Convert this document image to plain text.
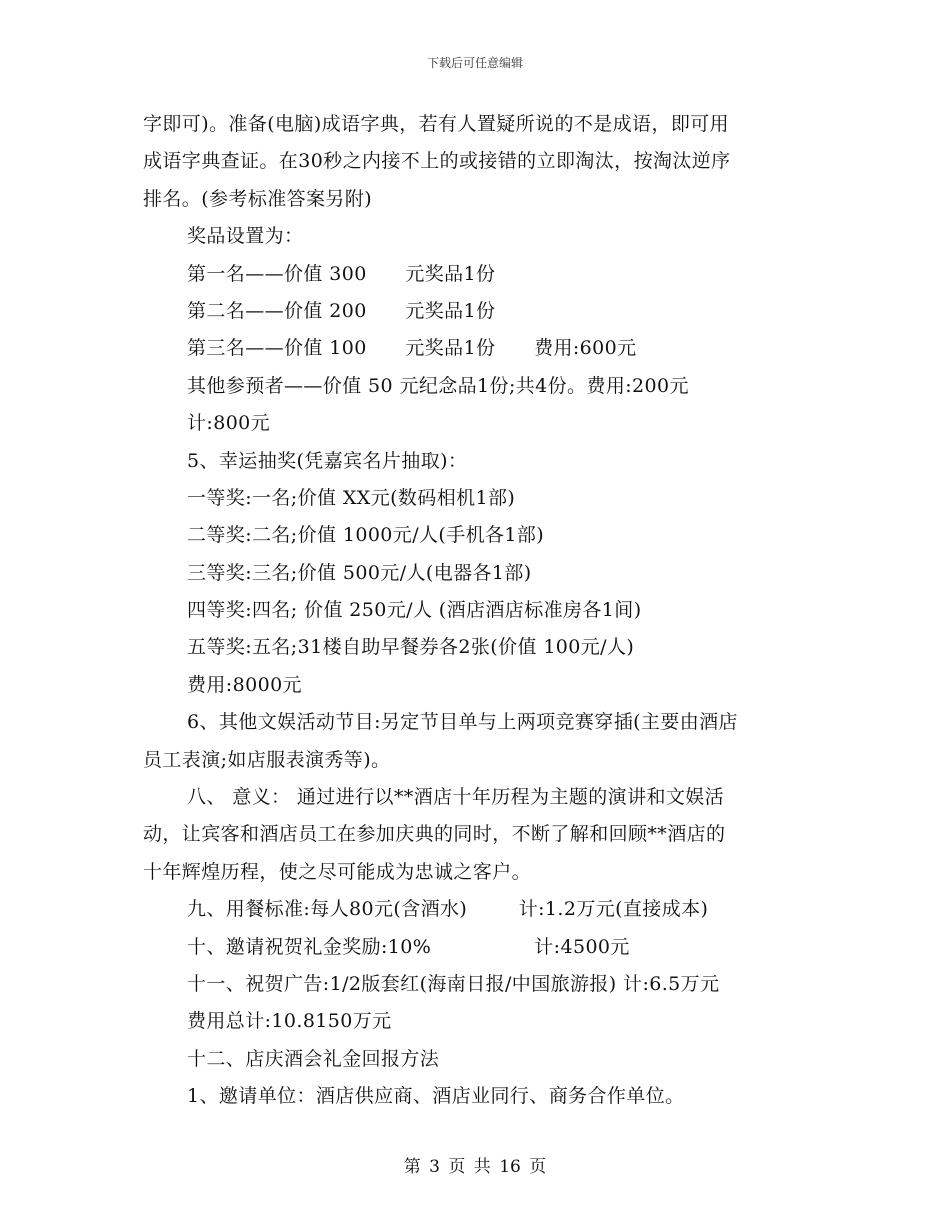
下载后可任意编辑
字即可)。准备(电脑)成语字典，若有人置疑所说的不是成语，即可用
成语字典查证。在30秒之内接不上的或接错的立即淘汰，按淘汰逆序
排名。(参考标准答案另附)
奖品设置为：
第一名——价值 300      元奖品1份
第二名——价值 200      元奖品1份
第三名——价值 100      元奖品1份      费用:600元
其他参预者——价值 50 元纪念品1份;共4份。费用:200元
计:800元
5、幸运抽奖(凭嘉宾名片抽取)：
一等奖:一名;价值 XX元(数码相机1部)
二等奖:二名;价值 1000元/人(手机各1部)
三等奖:三名;价值 500元/人(电器各1部)
四等奖:四名; 价值 250元/人 (酒店酒店标准房各1间)
五等奖:五名;31楼自助早餐券各2张(价值 100元/人)
费用:8000元
6、其他文娱活动节目:另定节目单与上两项竞赛穿插(主要由酒店
员工表演;如店服表演秀等)。
八、 意义： 通过进行以**酒店十年历程为主题的演讲和文娱活
动，让宾客和酒店员工在参加庆典的同时，不断了解和回顾**酒店的
十年辉煌历程，使之尽可能成为忠诚之客户。
九、用餐标准:每人80元(含酒水)        计:1.2万元(直接成本)
十、邀请祝贺礼金奖励:10%                计:4500元
十一、祝贺广告:1/2版套红(海南日报/中国旅游报) 计:6.5万元
费用总计:10.8150万元
十二、店庆酒会礼金回报方法
1、邀请单位：酒店供应商、酒店业同行、商务合作单位。
第 3 页 共 16 页
